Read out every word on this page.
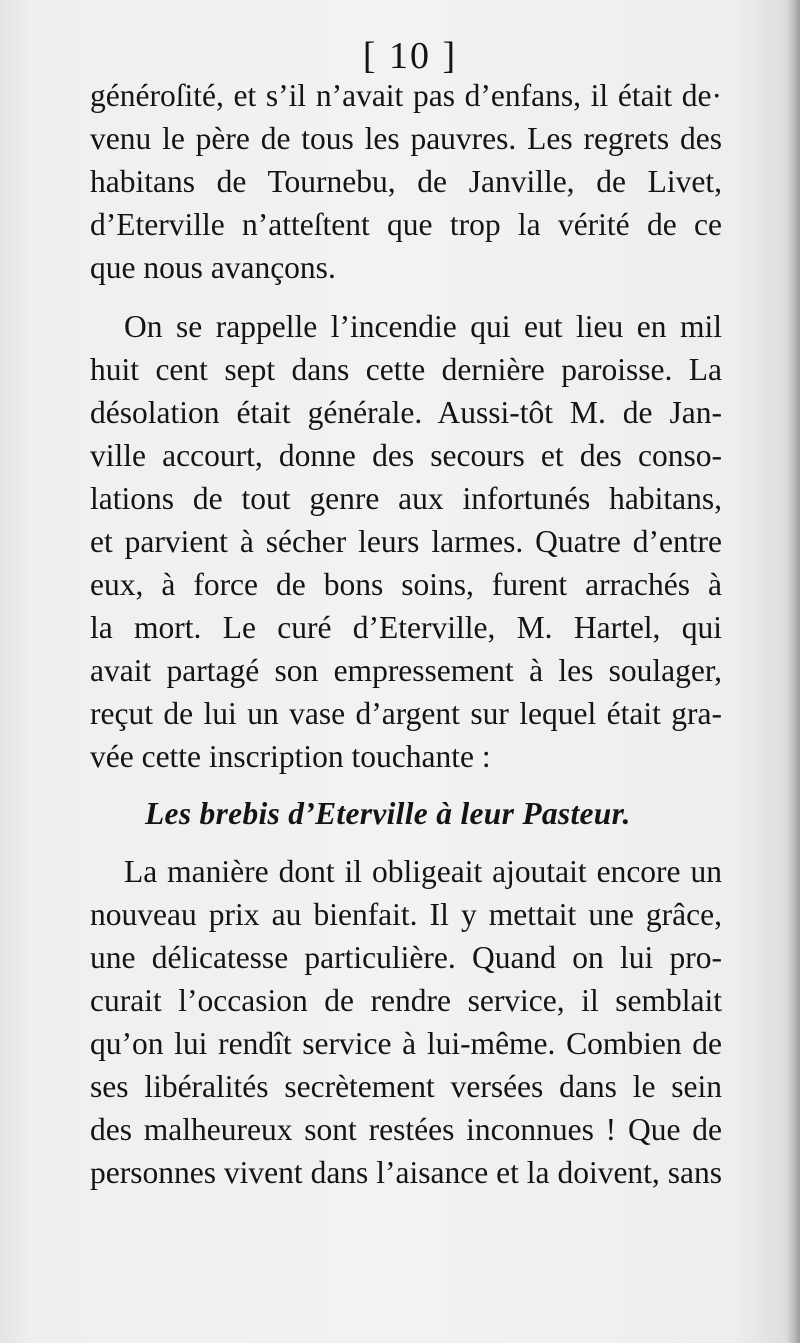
[ 10 ]
généroſité, et s’il n’avait pas d’enfans, il était de·
venu le père de tous les pauvres. Les regrets des
habitans de Tournebu, de Janville, de Livet,
d’Eterville n’atteſtent que trop la vérité de ce
que nous avançons.
On se rappelle l’incendie qui eut lieu en mil
huit cent sept dans cette dernière paroisse. La
désolation était générale. Aussi-tôt M. de Jan-
ville accourt, donne des secours et des conso-
lations de tout genre aux infortunés habitans,
et parvient à sécher leurs larmes. Quatre d’entre
eux, à force de bons soins, furent arrachés à
la mort. Le curé d’Eterville, M. Hartel, qui
avait partagé son empressement à les soulager,
reçut de lui un vase d’argent sur lequel était gra-
vée cette inscription touchante :
Les brebis d’Eterville à leur Pasteur.
La manière dont il obligeait ajoutait encore un
nouveau prix au bienfait. Il y mettait une grâce,
une délicatesse particulière. Quand on lui pro-
curait l’occasion de rendre service, il semblait
qu’on lui rendît service à lui-même. Combien de
ses libéralités secrètement versées dans le sein
des malheureux sont restées inconnues ! Que de
personnes vivent dans l’aisance et la doivent, sans
